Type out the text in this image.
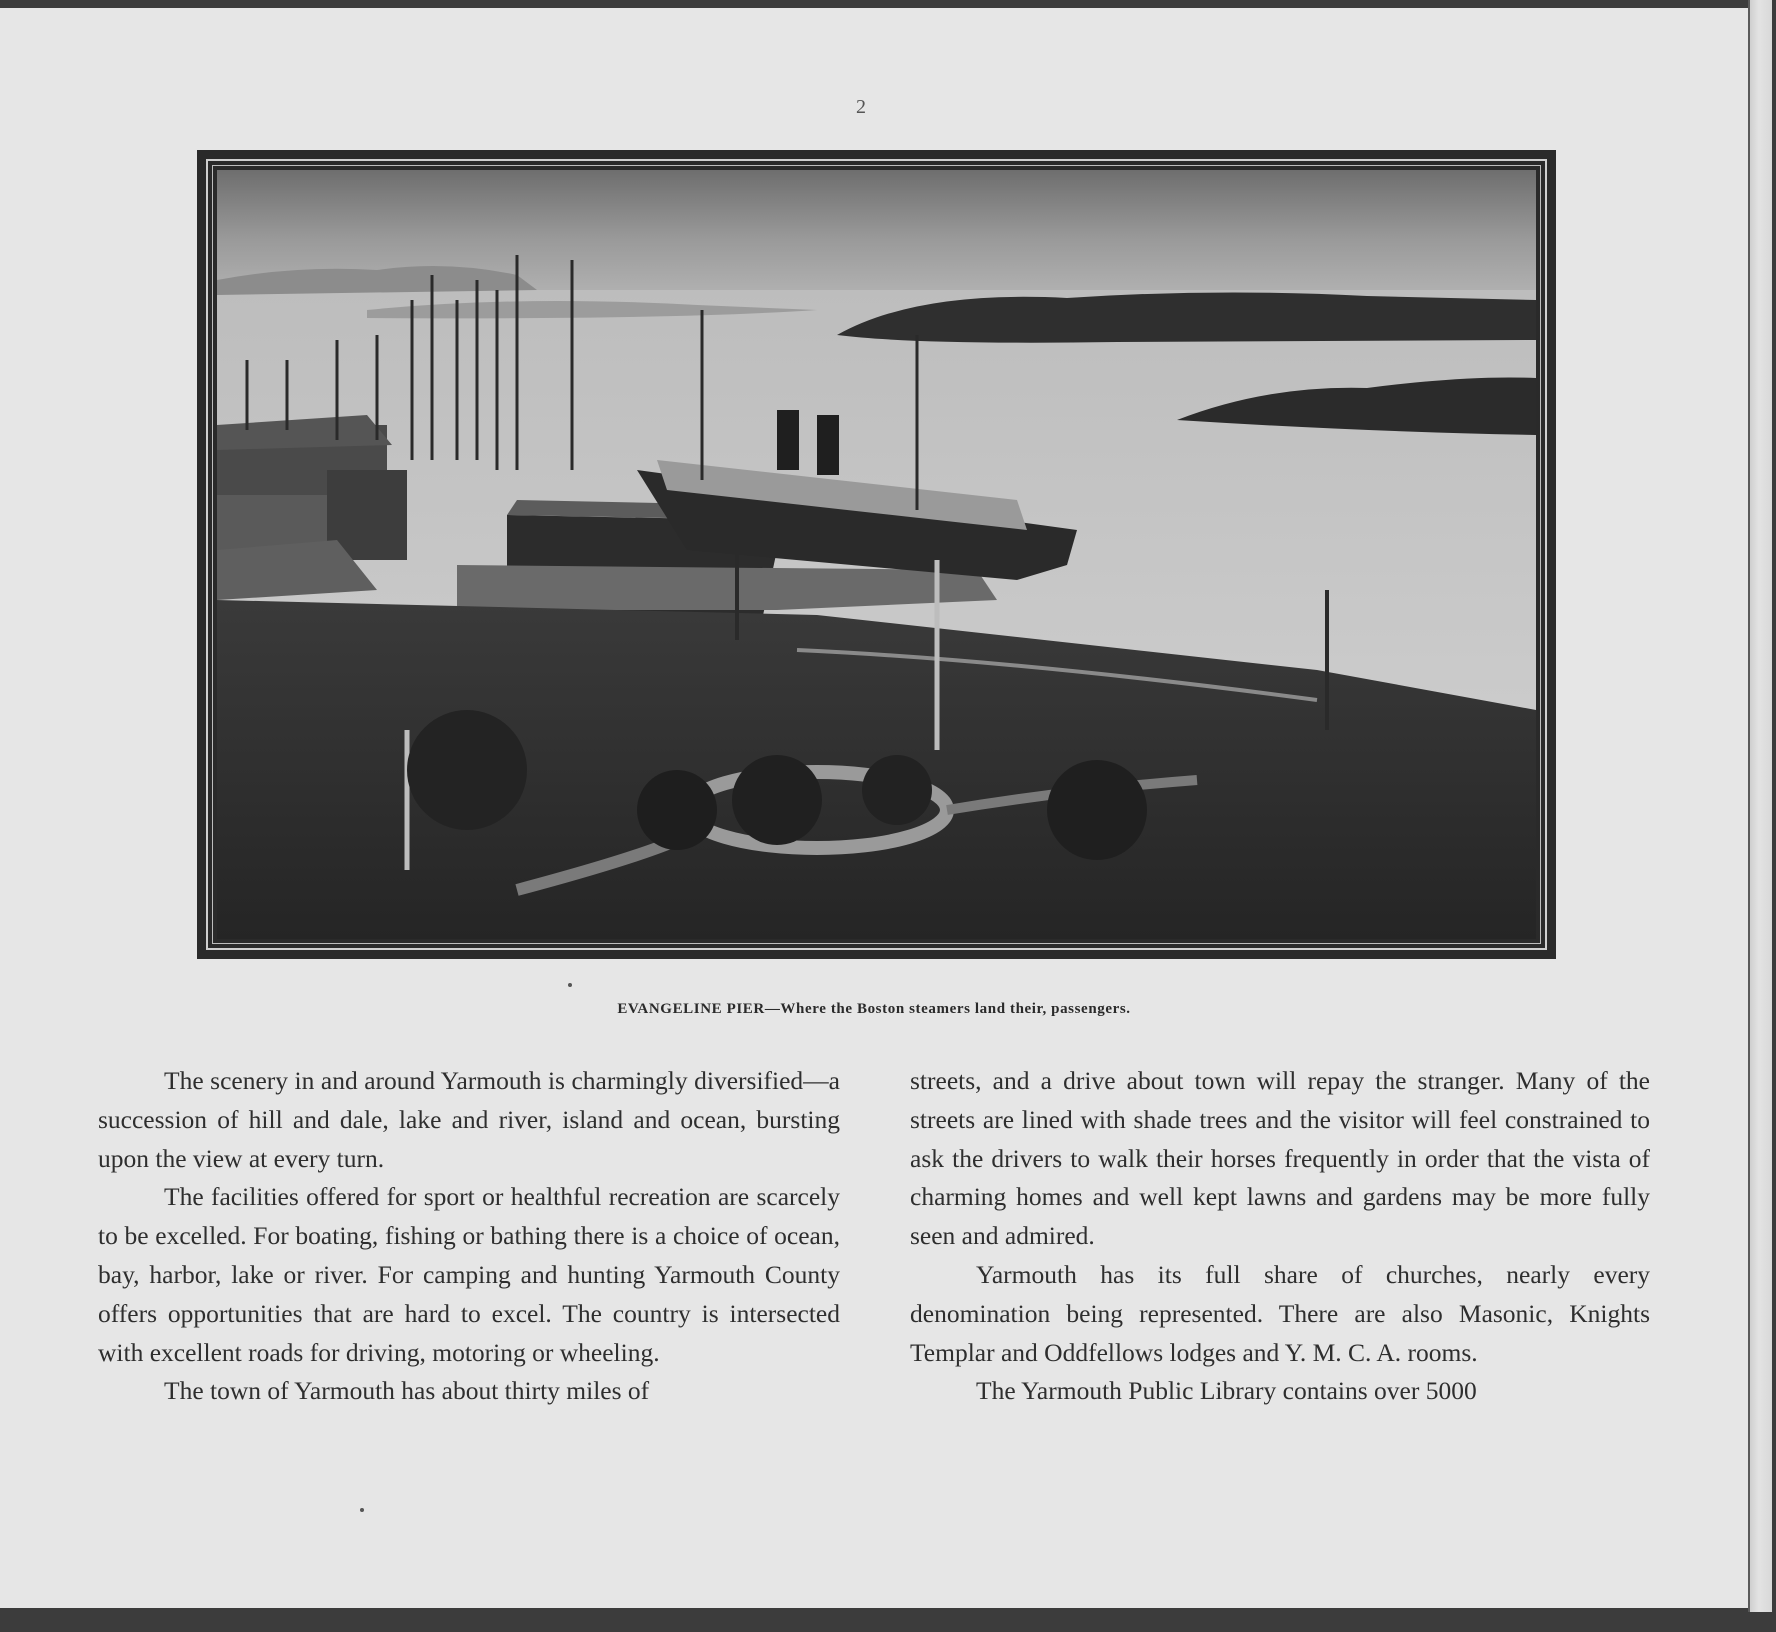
2
EVANGELINE PIER—Where the Boston steamers land their, passengers.

The scenery in and around Yarmouth is charmingly diversified—a succession of hill and dale, lake and river, island and ocean, bursting upon the view at every turn.

The facilities offered for sport or healthful recreation are scarcely to be excelled. For boating, fishing or bathing there is a choice of ocean, bay, harbor, lake or river. For camping and hunting Yarmouth County offers opportunities that are hard to excel. The country is intersected with excellent roads for driving, motoring or wheeling.

The town of Yarmouth has about thirty miles of

streets, and a drive about town will repay the stranger. Many of the streets are lined with shade trees and the visitor will feel constrained to ask the drivers to walk their horses frequently in order that the vista of charming homes and well kept lawns and gardens may be more fully seen and admired.

Yarmouth has its full share of churches, nearly every denomination being represented. There are also Masonic, Knights Templar and Oddfellows lodges and Y. M. C. A. rooms.

The Yarmouth Public Library contains over 5000
